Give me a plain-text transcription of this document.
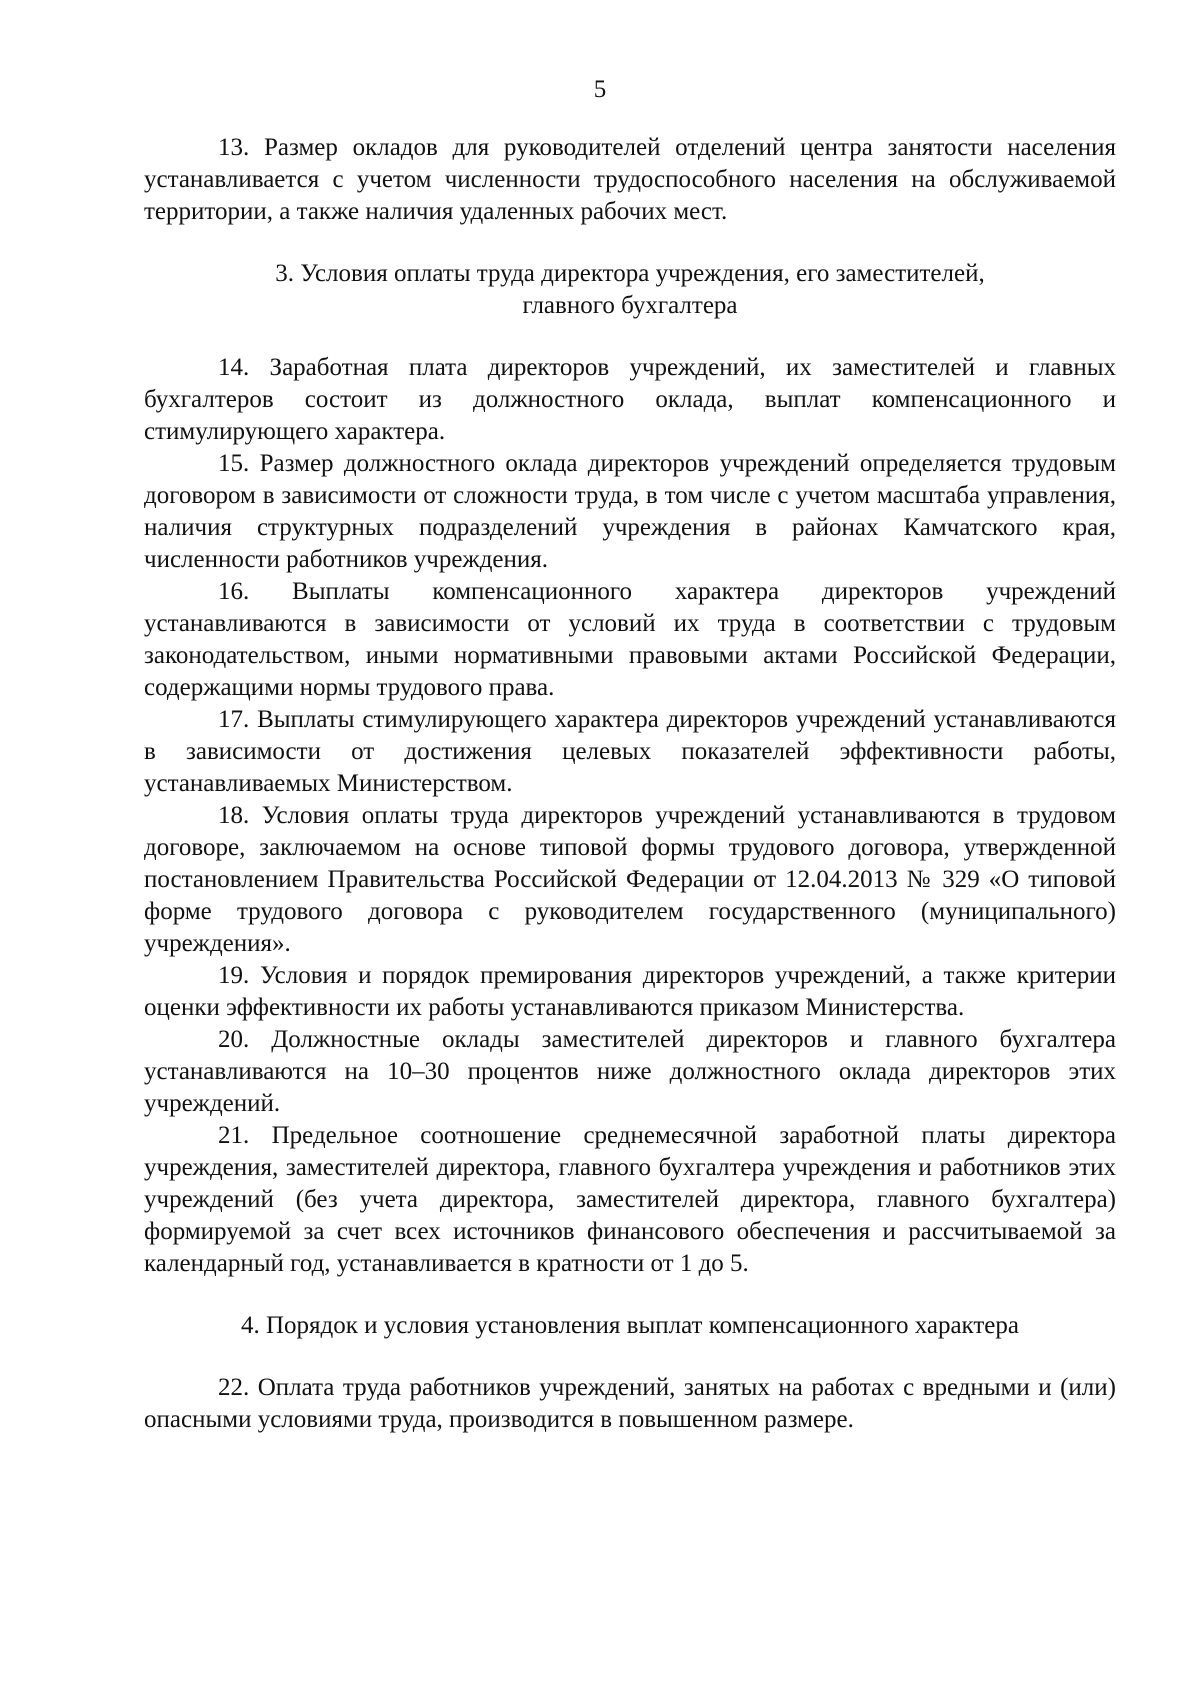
5

13. Размер окладов для руководителей отделений центра занятости населения устанавливается с учетом численности трудоспособного населения на обслуживаемой территории, а также наличия удаленных рабочих мест.

3. Условия оплаты труда директора учреждения, его заместителей,
главного бухгалтера

14. Заработная плата директоров учреждений, их заместителей и главных бухгалтеров состоит из должностного оклада, выплат компенсационного и стимулирующего характера.

15. Размер должностного оклада директоров учреждений определяется трудовым договором в зависимости от сложности труда, в том числе с учетом масштаба управления, наличия структурных подразделений учреждения в районах Камчатского края, численности работников учреждения.

16. Выплаты компенсационного характера директоров учреждений устанавливаются в зависимости от условий их труда в соответствии с трудовым законодательством, иными нормативными правовыми актами Российской Федерации, содержащими нормы трудового права.

17. Выплаты стимулирующего характера директоров учреждений устанавливаются в зависимости от достижения целевых показателей эффективности работы, устанавливаемых Министерством.

18. Условия оплаты труда директоров учреждений устанавливаются в трудовом договоре, заключаемом на основе типовой формы трудового договора, утвержденной постановлением Правительства Российской Федерации от 12.04.2013 № 329 «О типовой форме трудового договора с руководителем государственного (муниципального) учреждения».

19. Условия и порядок премирования директоров учреждений, а также критерии оценки эффективности их работы устанавливаются приказом Министерства.

20. Должностные оклады заместителей директоров и главного бухгалтера устанавливаются на 10–30 процентов ниже должностного оклада директоров этих учреждений.

21. Предельное соотношение среднемесячной заработной платы директора учреждения, заместителей директора, главного бухгалтера учреждения и работников этих учреждений (без учета директора, заместителей директора, главного бухгалтера) формируемой за счет всех источников финансового обеспечения и рассчитываемой за календарный год, устанавливается в кратности от 1 до 5.

4. Порядок и условия установления выплат компенсационного характера

22. Оплата труда работников учреждений, занятых на работах с вредными и (или) опасными условиями труда, производится в повышенном размере.
